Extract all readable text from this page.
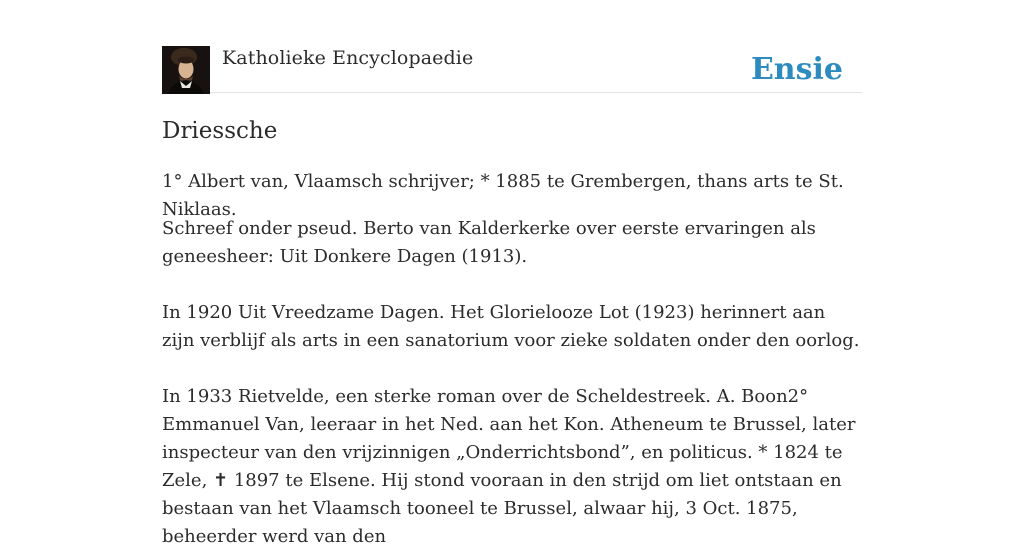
Katholieke Encyclopaedie	Ensie
Driessche

1° Albert van, Vlaamsch schrijver; * 1885 te Grembergen, thans arts te St. Niklaas.

Schreef onder pseud. Berto van Kalderkerke over eerste ervaringen als geneesheer: Uit Donkere Dagen (1913).

In 1920 Uit Vreedzame Dagen. Het Glorielooze Lot (1923) herinnert aan zijn verblijf als arts in een sanatorium voor zieke soldaten onder den oorlog.

In 1933 Rietvelde, een sterke roman over de Scheldestreek. A. Boon2° Emmanuel Van, leeraar in het Ned. aan het Kon. Atheneum te Brussel, later inspecteur van den vrijzinnigen „Onderrichtsbond”, en politicus. * 1824 te Zele, ✝ 1897 te Elsene. Hij stond vooraan in den strijd om liet ontstaan en bestaan van het Vlaamsch tooneel te Brussel, alwaar hij, 3 Oct. 1875, beheerder werd van den
